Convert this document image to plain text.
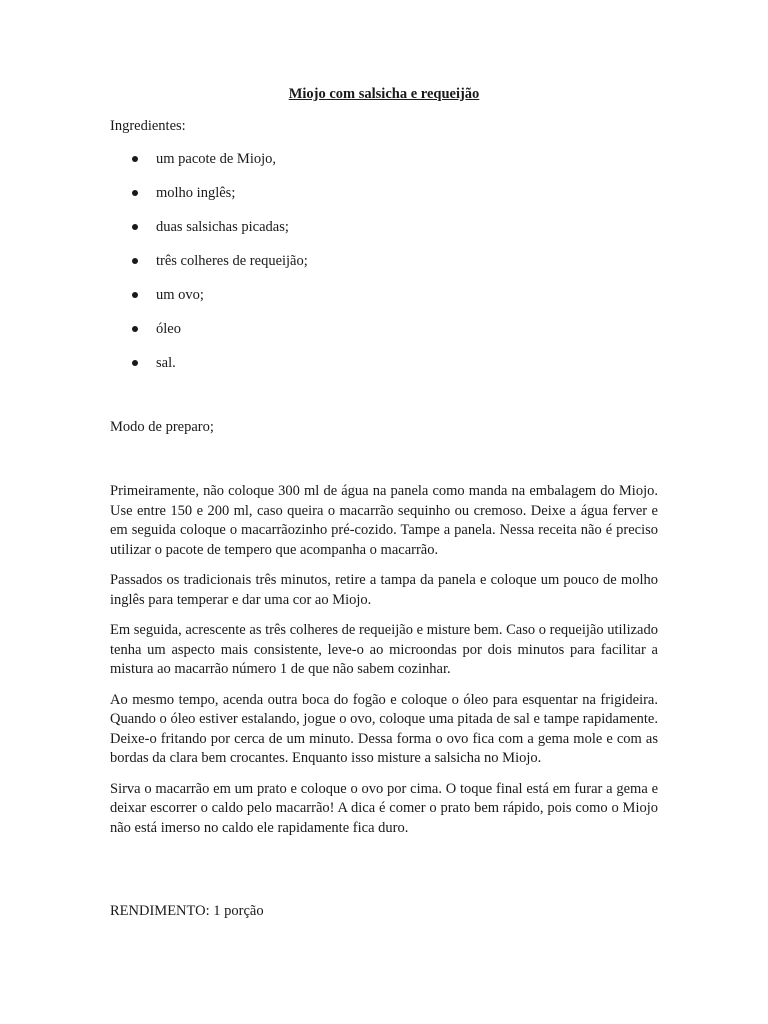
Miojo com salsicha e requeijão
Ingredientes:
um pacote de Miojo,
molho inglês;
duas salsichas picadas;
três colheres de requeijão;
um ovo;
óleo
sal.
Modo de preparo;

Primeiramente, não coloque 300 ml de água na panela como manda na embalagem do Miojo. Use entre 150 e 200 ml, caso queira o macarrão sequinho ou cremoso. Deixe a água ferver e em seguida coloque o macarrãozinho pré-cozido. Tampe a panela. Nessa receita não é preciso utilizar o pacote de tempero que acompanha o macarrão.

Passados os tradicionais três minutos, retire a tampa da panela e coloque um pouco de molho inglês para temperar e dar uma cor ao Miojo.

Em seguida, acrescente as três colheres de requeijão e misture bem. Caso o requeijão utilizado tenha um aspecto mais consistente, leve-o ao microondas por dois minutos para facilitar a mistura ao macarrão número 1 de que não sabem cozinhar.

Ao mesmo tempo, acenda outra boca do fogão e coloque o óleo para esquentar na frigideira. Quando o óleo estiver estalando, jogue o ovo, coloque uma pitada de sal e tampe rapidamente. Deixe-o fritando por cerca de um minuto. Dessa forma o ovo fica com a gema mole e com as bordas da clara bem crocantes. Enquanto isso misture a salsicha no Miojo.

Sirva o macarrão em um prato e coloque o ovo por cima. O toque final está em furar a gema e deixar escorrer o caldo pelo macarrão! A dica é comer o prato bem rápido, pois como o Miojo não está imerso no caldo ele rapidamente fica duro.

RENDIMENTO: 1 porção
